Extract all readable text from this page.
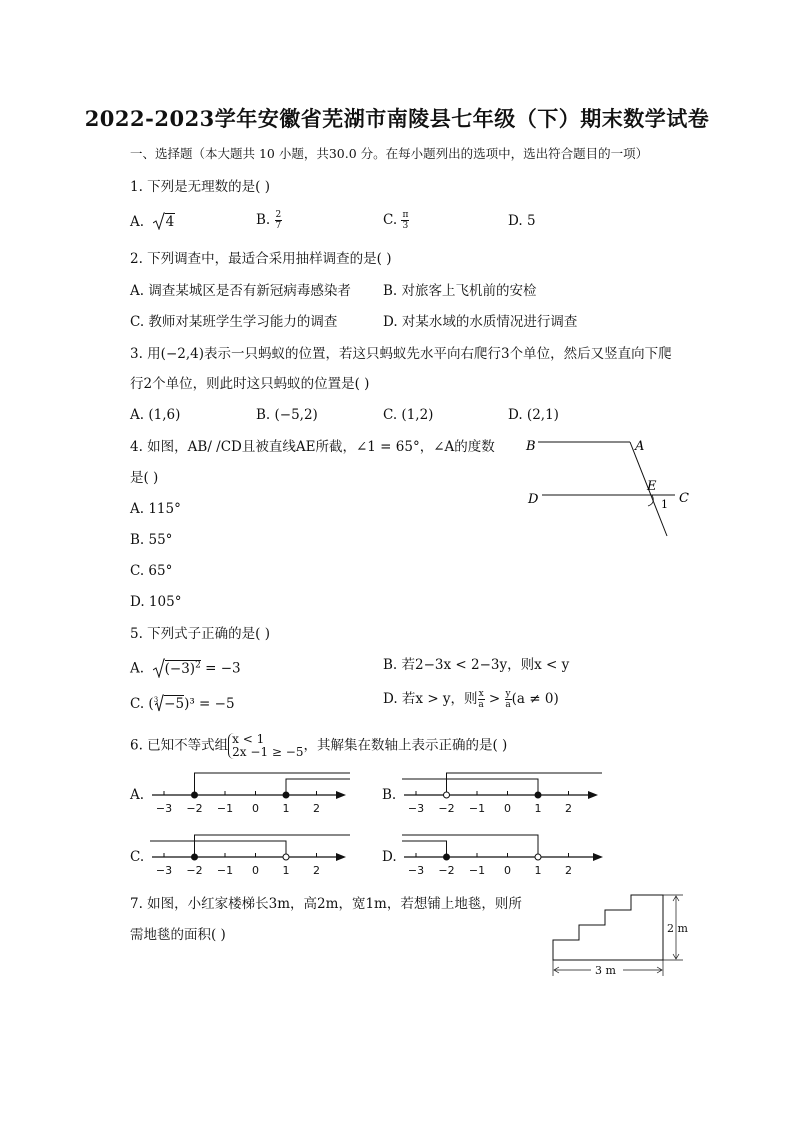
2022-2023学年安徽省芜湖市南陵县七年级（下）期末数学试卷
一、选择题（本大题共 10 小题，共30.0 分。在每小题列出的选项中，选出符合题目的一项）
1. 下列是无理数的是( )
A. 4	B. $\frac{2}{7}$	C. $\frac{\pi}{3}$	D. 5
2. 下列调查中，最适合采用抽样调查的是( )
A. 调查某城区是否有新冠病毒感染者 B. 对旅客上飞机前的安检
C. 教师对某班学生学习能力的调查	D. 对某水域的水质情况进行调查
3. 用(−2,4)表示一只蚂蚁的位置，若这只蚂蚁先水平向右爬行3个单位，然后又竖直向下爬
行2个单位，则此时这只蚂蚁的位置是( )
A. (1,6)	B. (−5,2)	C. (1,2)	D. (2,1)
4. 如图，AB/ /CD且被直线AE所截，∠1 = 65°，∠A的度数
是( )
A. 115°
B. 55°
C. 65°
D. 105°
B	A
E
D	C
1
5. 下列式子正确的是( )
A. $(-3)^2 = -3$	B. 若2−3x < 2−3y，则x < y
C. ($^3$ −5)³ = −5	D. 若x > y，则 $\frac{x}{a} > \frac{y}{a} (a \ne 0)$
6. 已知不等式组 x < 1
2x −1 ≥ −5 ，其解集在数轴上表示正确的是( )
A.	B.
C.	D.
−3 −2 −1 0 1 2	−3 −2 −1 0 1 2
−3 −2 −1 0 1 2	−3 −2 −1 0 1 2
7. 如图，小红家楼梯长3m，高2m，宽1m，若想铺上地毯，则所
需地毯的面积( )	2 m
3 m
